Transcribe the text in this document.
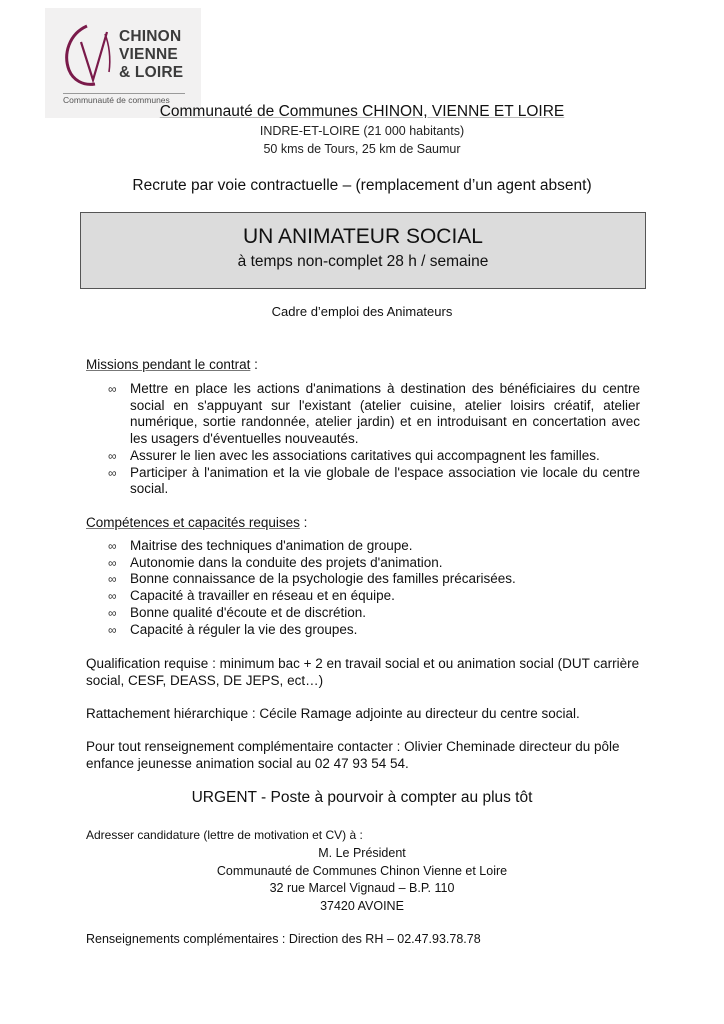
CHINON
VIENNE
& LOIRE
Communauté de communes
Communauté de Communes CHINON, VIENNE ET LOIRE
INDRE-ET-LOIRE (21 000 habitants)
50 kms de Tours, 25 km de Saumur
Recrute par voie contractuelle – (remplacement d’un agent absent)
UN ANIMATEUR SOCIAL
à temps non-complet 28 h / semaine
Cadre d’emploi des Animateurs
Missions pendant le contrat :
∞ Mettre en place les actions d'animations à destination des bénéficiaires du centre social en s'appuyant sur l'existant (atelier cuisine, atelier loisirs créatif, atelier numérique, sortie randonnée, atelier jardin) et en introduisant en concertation avec les usagers d'éventuelles nouveautés.
∞ Assurer le lien avec les associations caritatives qui accompagnent les familles.
∞ Participer à l'animation et la vie globale de l'espace association vie locale du centre social.
Compétences et capacités requises :
∞ Maitrise des techniques d'animation de groupe.
∞ Autonomie dans la conduite des projets d'animation.
∞ Bonne connaissance de la psychologie des familles précarisées.
∞ Capacité à travailler en réseau et en équipe.
∞ Bonne qualité d'écoute et de discrétion.
∞ Capacité à réguler la vie des groupes.
Qualification requise : minimum bac + 2 en travail social et ou animation social (DUT carrière social, CESF, DEASS, DE JEPS, ect…)
Rattachement hiérarchique : Cécile Ramage adjointe au directeur du centre social.
Pour tout renseignement complémentaire contacter : Olivier Cheminade directeur du pôle enfance jeunesse animation social au 02 47 93 54 54.
URGENT - Poste à pourvoir à compter au plus tôt
Adresser candidature (lettre de motivation et CV) à :
M. Le Président
Communauté de Communes Chinon Vienne et Loire
32 rue Marcel Vignaud – B.P. 110
37420 AVOINE
Renseignements complémentaires : Direction des RH – 02.47.93.78.78
